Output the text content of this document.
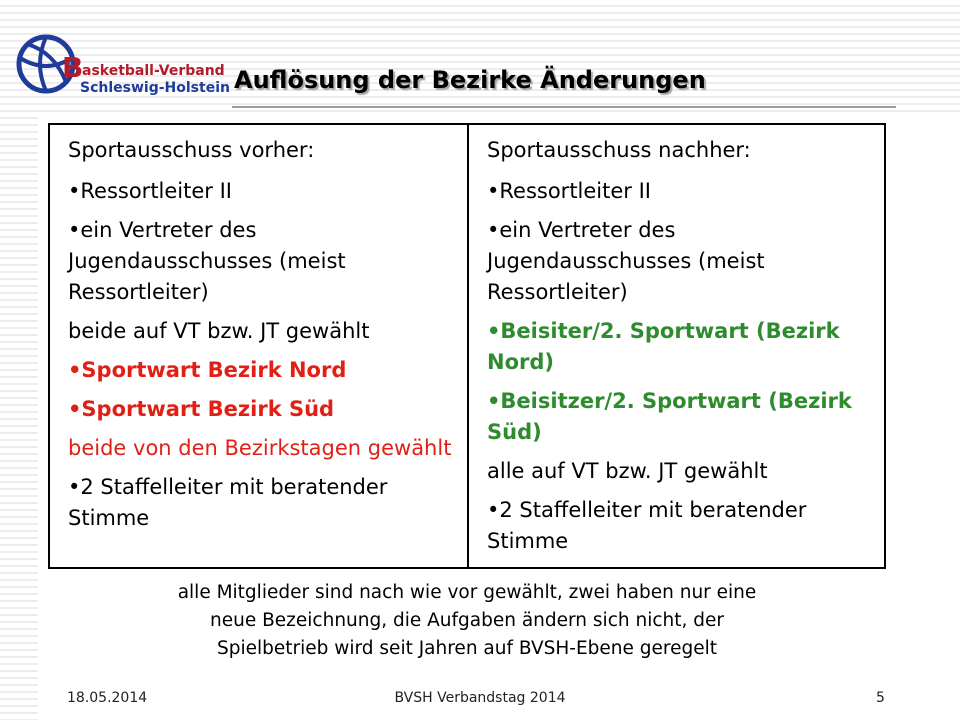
B
asketball-Verband
Schleswig-Holstein Auflösung der Bezirke Änderungen

Sportausschuss vorher:

•Ressortleiter II

•ein Vertreter des Jugendausschusses (meist Ressortleiter)

beide auf VT bzw. JT gewählt

•Sportwart Bezirk Nord

•Sportwart Bezirk Süd

beide von den Bezirkstagen gewählt

•2 Staffelleiter mit beratender Stimme

Sportausschuss nachher:

•Ressortleiter II

•ein Vertreter des Jugendausschusses (meist Ressortleiter)

•Beisiter/2. Sportwart (Bezirk Nord)

•Beisitzer/2. Sportwart (Bezirk Süd)

alle auf VT bzw. JT gewählt

•2 Staffelleiter mit beratender Stimme

alle Mitglieder sind nach wie vor gewählt, zwei haben nur eine
neue Bezeichnung, die Aufgaben ändern sich nicht, der
Spielbetrieb wird seit Jahren auf BVSH-Ebene geregelt
18.05.2014	BVSH Verbandstag 2014	5
